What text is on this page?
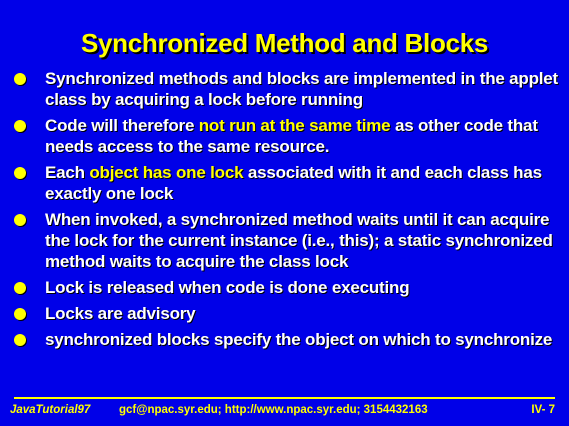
Synchronized Method and Blocks
Synchronized methods and blocks are implemented in the applet class by acquiring a lock before running
Code will therefore not run at the same time as other code that needs access to the same resource.
Each object has one lock associated with it and each class has exactly one lock
When invoked, a synchronized method waits until it can acquire the lock for the current instance (i.e., this); a static synchronized method waits to acquire the class lock
Lock is released when code is done executing
Locks are advisory
synchronized blocks specify the object on which to synchronize
JavaTutorial97 gcf@npac.syr.edu; http://www.npac.syr.edu; 3154432163	IV- 7
